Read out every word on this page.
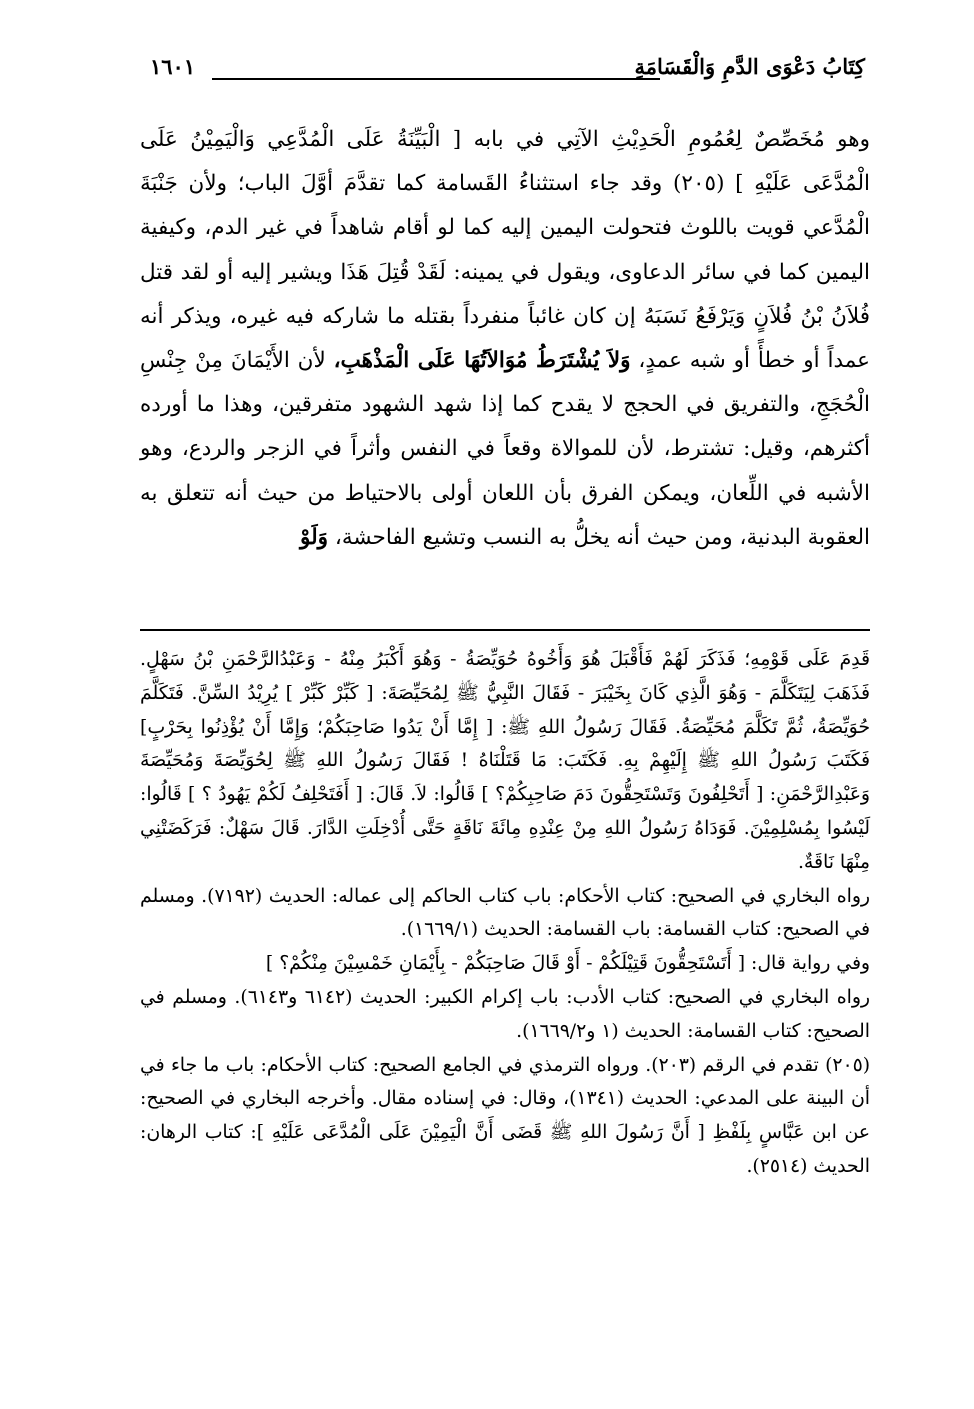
كِتَابُ دَعْوَى الدَّمِ وَالْقَسَامَةِ
١٦٠١

وهو مُخَصِّصٌ لِعُمُومِ الْحَدِيْثِ الآتِي في بابه [ الْبَيِّنَةُ عَلَى الْمُدَّعِي وَالْيَمِيْنُ عَلَى الْمُدَّعَى عَلَيْهِ ] (٢٠٥) وقد جاء استثناءُ القَسامة كما تقدَّمَ أوَّلَ الباب؛ ولأن جَنْبَةَ الْمُدَّعي قويت باللوث فتحولت اليمين إليه كما لو أقام شاهداً في غير الدم، وكيفية اليمين كما في سائر الدعاوى، ويقول في يمينه: لَقَدْ قُتِلَ هَذَا ويشير إليه أو لقد قتل فُلاَنُ بْنُ فُلاَنٍ وَيَرْفَعُ نَسَبَهُ إن كان غائباً منفرداً بقتله ما شاركه فيه غيره، ويذكر أنه عمداً أو خطأً أو شبه عمدٍ، وَلاَ يُشْتَرَطُ مُوَالاَتُهَا عَلَى الْمَذْهَبِ، لأن الأَيْمَانَ مِنْ جِنْسِ الْحُجَجِ، والتفريق في الحجج لا يقدح كما إذا شهد الشهود متفرقين، وهذا ما أورده أكثرهم، وقيل: تشترط، لأن للموالاة وقعاً في النفس وأثراً في الزجر والردع، وهو الأشبه في اللِّعان، ويمكن الفرق بأن اللعان أولى بالاحتياط من حيث أنه تتعلق به العقوبة البدنية، ومن حيث أنه يخلُّ به النسب وتشيع الفاحشة، وَلَوْ

قَدِمَ عَلَى قَوْمِهِ؛ فَذَكَرَ لَهُمْ فَأَقْبَلَ هُوَ وَأَخُوهُ حُوَيِّصَةُ - وَهُوَ أَكْبَرُ مِنْهُ - وَعَبْدُالرَّحْمَنِ بْنُ سَهْلٍ. فَذَهَبَ لِيَتَكَلَّمَ - وَهُوَ الَّذِي كَانَ بِخَيْبَرَ - فَقَالَ النَّبِيُّ ﷺ لِمُحَيِّصَةَ: [ كَبِّرْ كَبِّرْ ] يُرِيْدُ السِّنَّ. فَتَكَلَّمَ حُوَيِّصَةُ، ثُمَّ تَكَلَّمَ مُحَيِّصَةُ. فَقَالَ رَسُولُ اللهِ ﷺ: [ إِمَّا أَنْ يَدُوا صَاحِبَكُمْ؛ وَإِمَّا أَنْ يُؤْذِنُوا بِحَرْبٍ] فَكَتَبَ رَسُولُ اللهِ ﷺ إِلَيْهِمْ بِهِ. فَكَتَبَ: مَا قَتَلْنَاهُ ! فَقَالَ رَسُولُ اللهِ ﷺ لِحُوَيِّصَةَ وَمُحَيِّصَةَ وَعَبْدِالرَّحْمَنِ: [ أَتَحْلِفُونَ وَتَسْتَحِقُّونَ دَمَ صَاحِبِكُمْ؟ ] قَالُوا: لاَ. قَالَ: [ أَفَتَحْلِفُ لَكُمْ يَهُودُ ؟ ] قَالُوا: لَيْسُوا بِمُسْلِمِيْنَ. فَوَدَاهُ رَسُولُ اللهِ مِنْ عِنْدِهِ مِائَةَ نَاقَةٍ حَتَّى أُدْخِلَتِ الدَّارَ. قَالَ سَهْلٌ: فَرَكَضَتْنِي مِنْهَا نَاقَةٌ.

رواه البخاري في الصحيح: كتاب الأحكام: باب كتاب الحاكم إلى عماله: الحديث (٧١٩٢). ومسلم في الصحيح: كتاب القسامة: باب القسامة: الحديث (١٦٦٩/١).

وفي رواية قال: [ أَتَسْتَحِقُّونَ قَتِيْلَكُمْ - أَوْ قَالَ صَاحِبَكُمْ - بِأَيْمَانِ خَمْسِيْنَ مِنْكُمْ؟ ]

رواه البخاري في الصحيح: كتاب الأدب: باب إكرام الكبير: الحديث (٦١٤٢ و٦١٤٣). ومسلم في الصحيح: كتاب القسامة: الحديث (١ و١٦٦٩/٢).

(٢٠٥) تقدم في الرقم (٢٠٣). ورواه الترمذي في الجامع الصحيح: كتاب الأحكام: باب ما جاء في أن البينة على المدعي: الحديث (١٣٤١)، وقال: في إسناده مقال. وأخرجه البخاري في الصحيح: عن ابن عَبَّاسٍ بِلَفْظِ [ أَنَّ رَسُولَ اللهِ ﷺ قَضَى أَنَّ الْيَمِيْنَ عَلَى الْمُدَّعَى عَلَيْهِ ]: كتاب الرهان: الحديث (٢٥١٤).
